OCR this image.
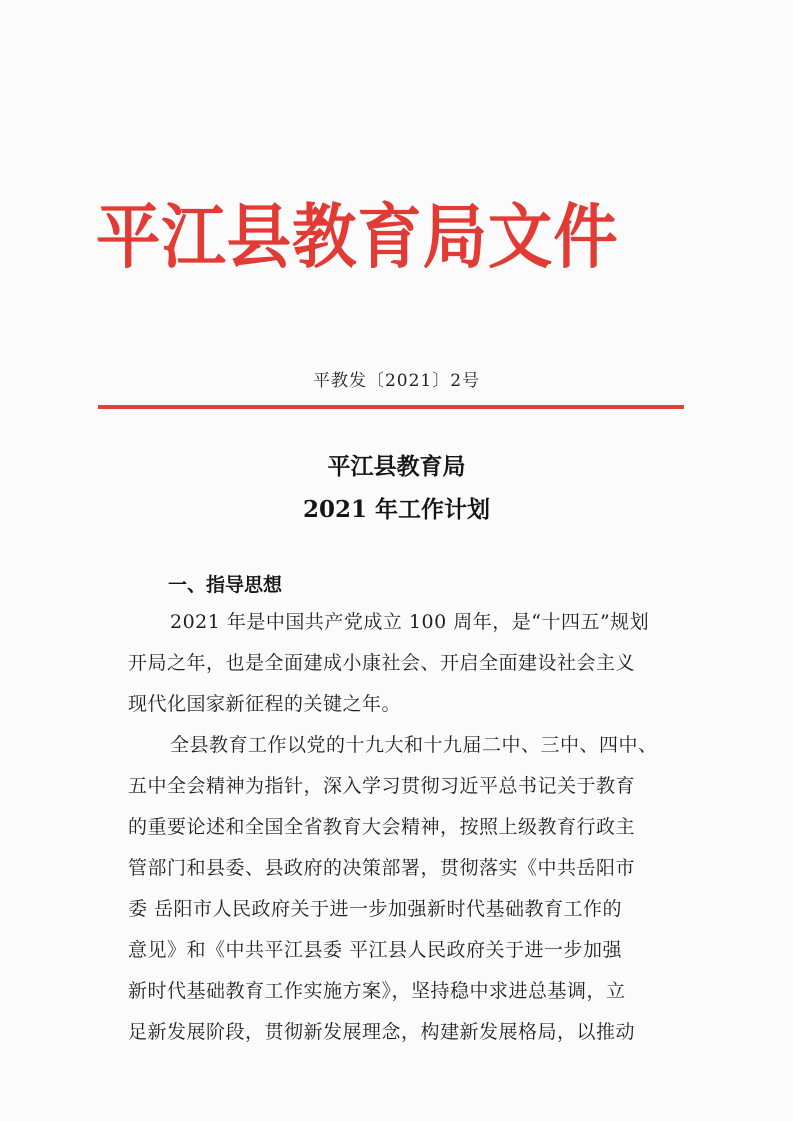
平江县教育局文件
平教发〔2021〕2号
平江县教育局
2021 年工作计划
一、指导思想
2021 年是中国共产党成立 100 周年，是“十四五”规划
开局之年，也是全面建成小康社会、开启全面建设社会主义
现代化国家新征程的关键之年。
全县教育工作以党的十九大和十九届二中、三中、四中、
五中全会精神为指针，深入学习贯彻习近平总书记关于教育
的重要论述和全国全省教育大会精神，按照上级教育行政主
管部门和县委、县政府的决策部署，贯彻落实《中共岳阳市
委 岳阳市人民政府关于进一步加强新时代基础教育工作的
意见》和《中共平江县委 平江县人民政府关于进一步加强
新时代基础教育工作实施方案》，坚持稳中求进总基调，立
足新发展阶段，贯彻新发展理念，构建新发展格局，以推动
